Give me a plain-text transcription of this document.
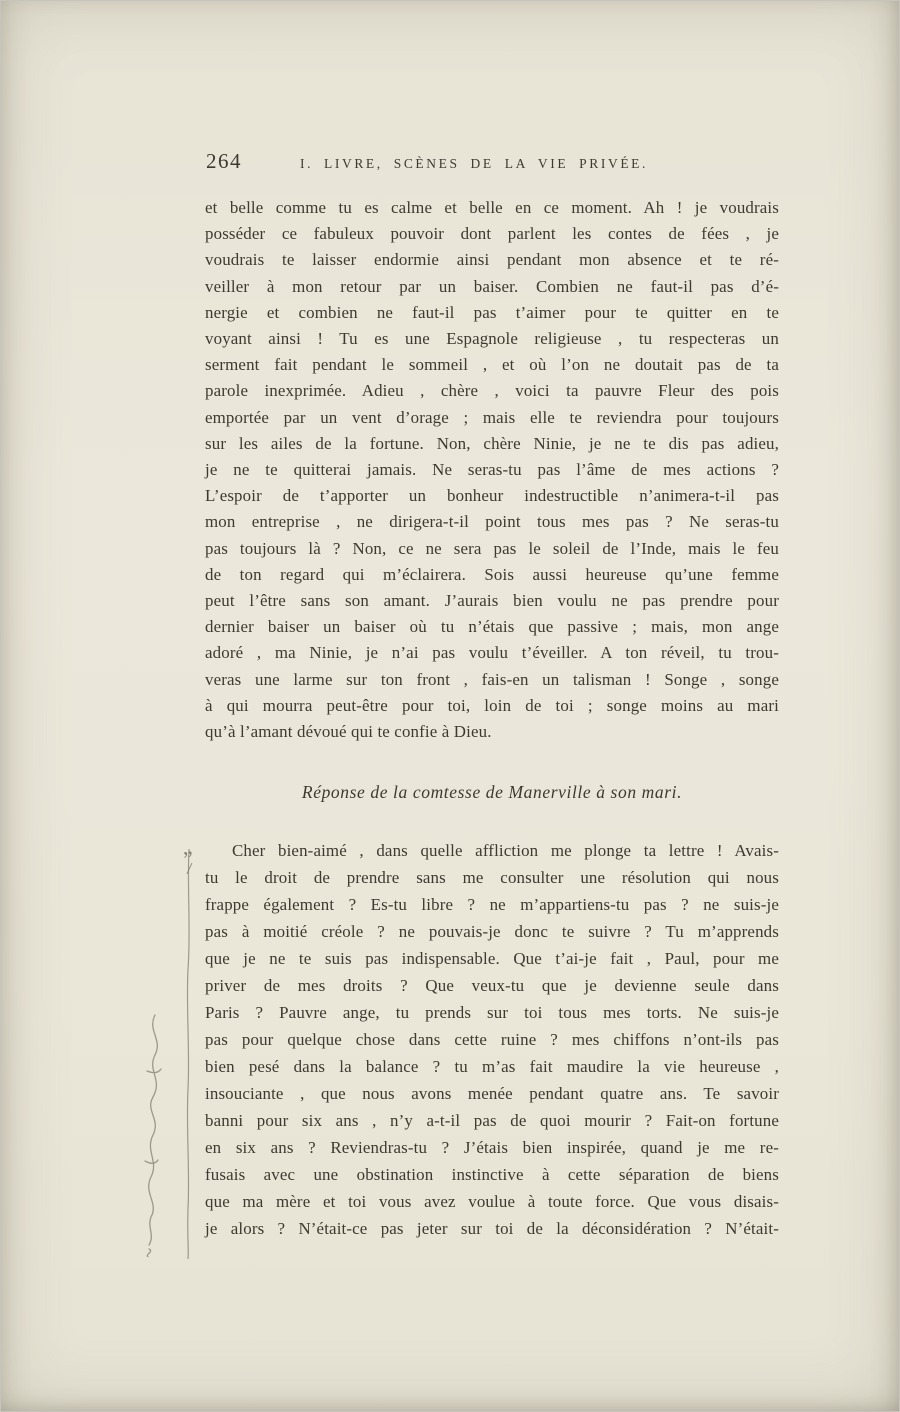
264	I. LIVRE, SCÈNES DE LA VIE PRIVÉE.
et belle comme tu es calme et belle en ce moment. Ah ! je voudrais
posséder ce fabuleux pouvoir dont parlent les contes de fées , je
voudrais te laisser endormie ainsi pendant mon absence et te ré-
veiller à mon retour par un baiser. Combien ne faut-il pas d’é-
nergie et combien ne faut-il pas t’aimer pour te quitter en te
voyant ainsi ! Tu es une Espagnole religieuse , tu respecteras un
serment fait pendant le sommeil , et où l’on ne doutait pas de ta
parole inexprimée. Adieu , chère , voici ta pauvre Fleur des pois
emportée par un vent d’orage ; mais elle te reviendra pour toujours
sur les ailes de la fortune. Non, chère Ninie, je ne te dis pas adieu,
je ne te quitterai jamais. Ne seras-tu pas l’âme de mes actions ?
L’espoir de t’apporter un bonheur indestructible n’animera-t-il pas
mon entreprise , ne dirigera-t-il point tous mes pas ? Ne seras-tu
pas toujours là ? Non, ce ne sera pas le soleil de l’Inde, mais le feu
de ton regard qui m’éclairera. Sois aussi heureuse qu’une femme
peut l’être sans son amant. J’aurais bien voulu ne pas prendre pour
dernier baiser un baiser où tu n’étais que passive ; mais, mon ange
adoré , ma Ninie, je n’ai pas voulu t’éveiller. A ton réveil, tu trou-
veras une larme sur ton front , fais-en un talisman ! Songe , songe
à qui mourra peut-être pour toi, loin de toi ; songe moins au mari
qu’à l’amant dévoué qui te confie à Dieu.
Réponse de la comtesse de Manerville à son mari.
Cher bien-aimé , dans quelle affliction me plonge ta lettre ! Avais-
tu le droit de prendre sans me consulter une résolution qui nous
frappe également ? Es-tu libre ? ne m’appartiens-tu pas ? ne suis-je
pas à moitié créole ? ne pouvais-je donc te suivre ? Tu m’apprends
que je ne te suis pas indispensable. Que t’ai-je fait , Paul, pour me
priver de mes droits ? Que veux-tu que je devienne seule dans
Paris ? Pauvre ange, tu prends sur toi tous mes torts. Ne suis-je
pas pour quelque chose dans cette ruine ? mes chiffons n’ont-ils pas
bien pesé dans la balance ? tu m’as fait maudire la vie heureuse ,
insouciante , que nous avons menée pendant quatre ans. Te savoir
banni pour six ans , n’y a-t-il pas de quoi mourir ? Fait-on fortune
en six ans ? Reviendras-tu ? J’étais bien inspirée, quand je me re-
fusais avec une obstination instinctive à cette séparation de biens
que ma mère et toi vous avez voulue à toute force. Que vous disais-
je alors ? N’était-ce pas jeter sur toi de la déconsidération ? N’était-
„
/
